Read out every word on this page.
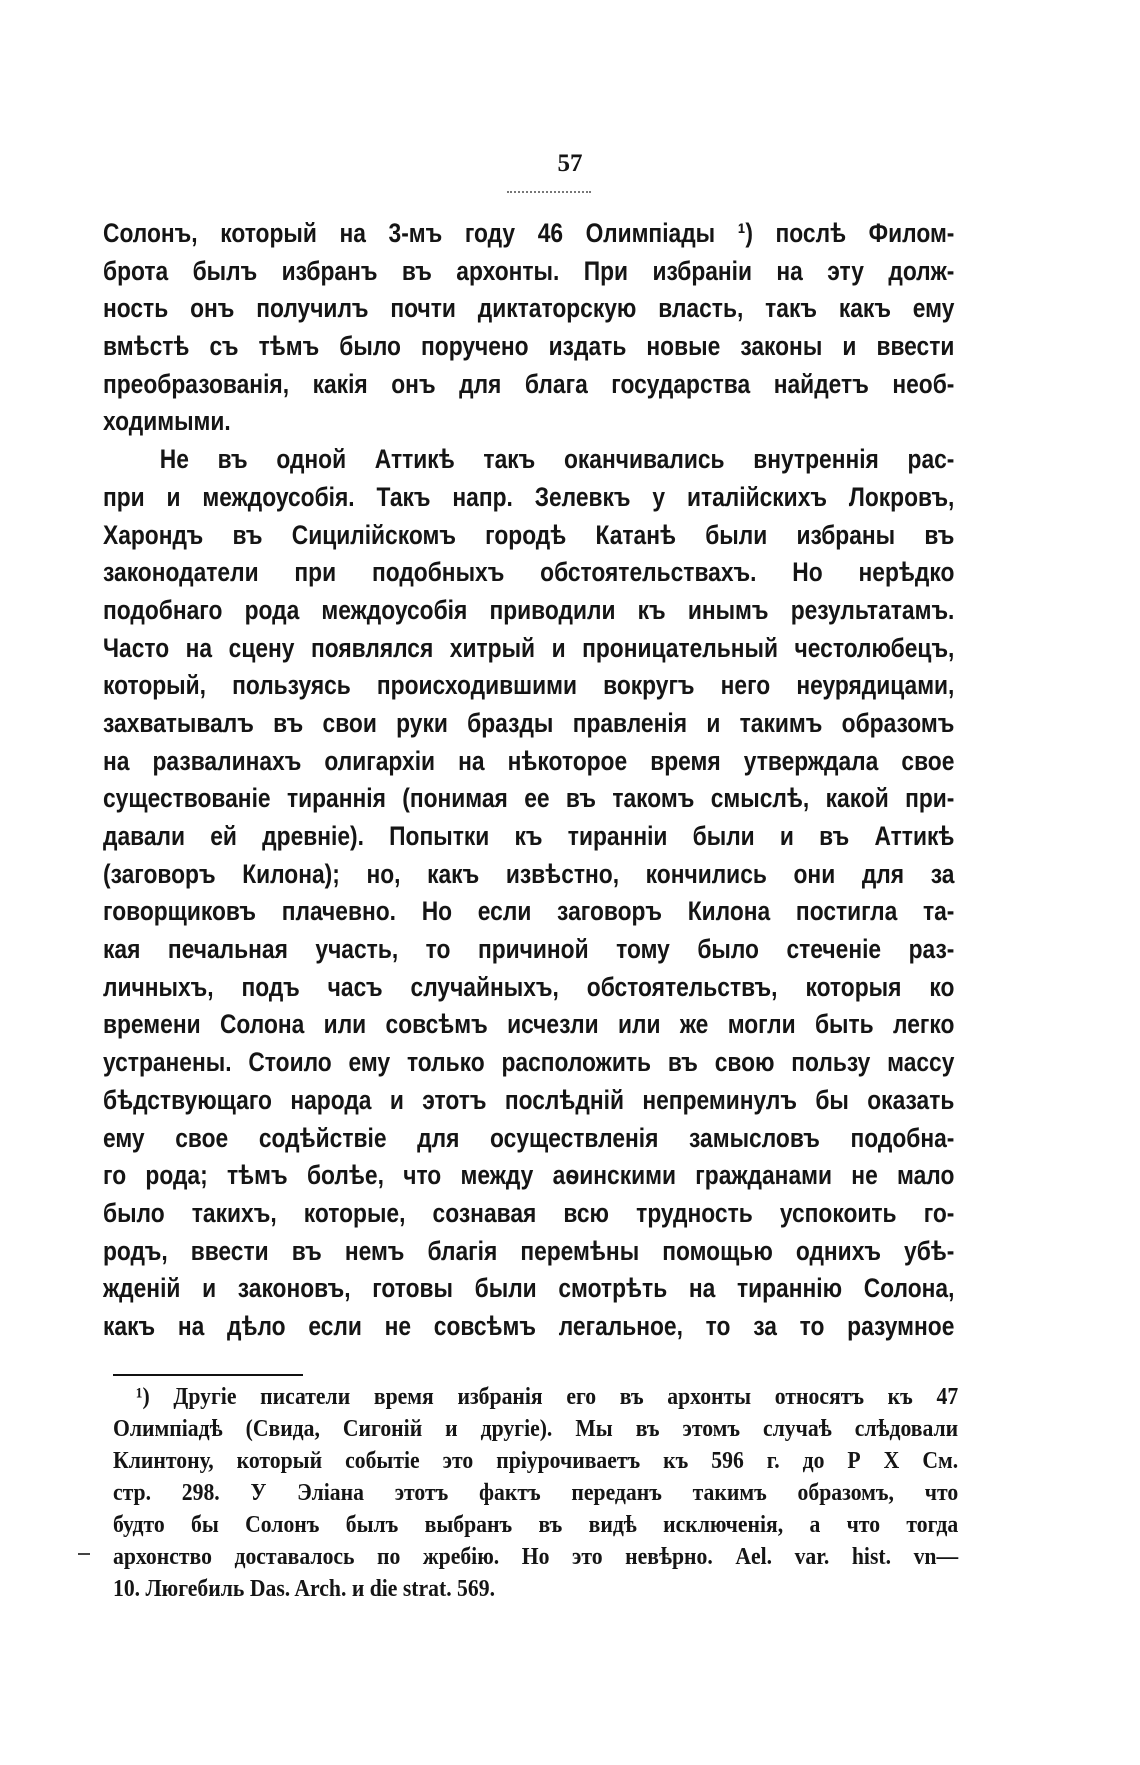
57
Солонъ, который на 3-мъ году 46 Олимпіады ¹) послѣ Филом-
брота былъ избранъ въ архонты. При избраніи на эту долж-
ность онъ получилъ почти диктаторскую власть, такъ какъ ему
вмѣстѣ съ тѣмъ было поручено издать новые законы и ввести
преобразованія, какія онъ для блага государства найдетъ необ-
ходимыми.
Не въ одной Аттикѣ такъ оканчивались внутреннія рас-
при и междоусобія. Такъ напр. Зелевкъ у италійскихъ Локровъ,
Харондъ въ Сицилійскомъ городѣ Катанѣ были избраны въ
законодатели при подобныхъ обстоятельствахъ. Но нерѣдко
подобнаго рода междоусобія приводили къ инымъ результатамъ.
Часто на сцену появлялся хитрый и проницательный честолюбецъ,
который, пользуясь происходившими вокругъ него неурядицами,
захватывалъ въ свои руки бразды правленія и такимъ образомъ
на развалинахъ олигархіи на нѣкоторое время утверждала свое
существованіе тираннія (понимая ее въ такомъ смыслѣ, какой при-
давали ей древніе). Попытки къ тиранніи были и въ Аттикѣ
(заговоръ Килона); но, какъ извѣстно, кончились они для за
говорщиковъ плачевно. Но если заговоръ Килона постигла та-
кая печальная участь, то причиной тому было стеченіе раз-
личныхъ, подъ часъ случайныхъ, обстоятельствъ, которыя ко
времени Солона или совсѣмъ исчезли или же могли быть легко
устранены. Стоило ему только расположить въ свою пользу массу
бѣдствующаго народа и этотъ послѣдній непреминулъ бы оказать
ему свое содѣйствіе для осуществленія замысловъ подобна-
го рода; тѣмъ болѣе, что между аѳинскими гражданами не мало
было такихъ, которые, сознавая всю трудность успокоить го-
родъ, ввести въ немъ благія перемѣны помощью однихъ убѣ-
жденій и законовъ, готовы были смотрѣть на тираннію Солона,
какъ на дѣло если не совсѣмъ легальное, то за то разумное
¹) Другіе писатели время избранія его въ архонты относятъ къ 47
Олимпіадѣ (Свида, Сигоній и другіе). Мы въ этомъ случаѣ слѣдовали
Клинтону, который событіе это пріурочиваетъ къ 596 г. до Р Х См.
стр. 298. У Эліана этотъ фактъ переданъ такимъ образомъ, что
будто бы Солонъ былъ выбранъ въ видѣ исключенія, а что тогда
архонство доставалось по жребію. Но это невѣрно. Ael. var. hist. vn—
10. Люгебиль Das. Arch. и die strat. 569.
